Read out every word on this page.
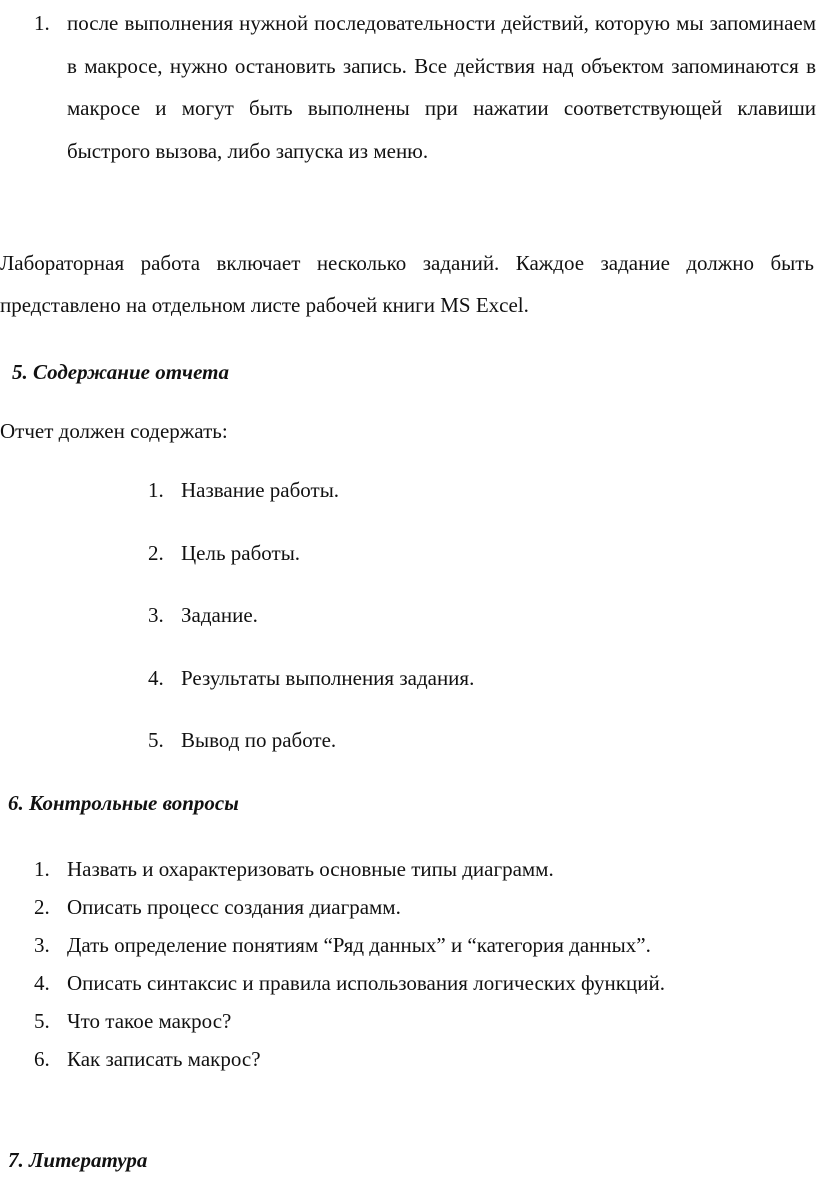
1. после выполнения нужной последовательности действий, которую мы запоминаем в макросе, нужно остановить запись. Все действия над объектом запоминаются в макросе и могут быть выполнены при нажатии соответствующей клавиши быстрого вызова, либо запуска из меню.
Лабораторная работа включает несколько заданий. Каждое задание должно быть представлено на отдельном листе рабочей книги MS Excel.
5. Содержание отчета
Отчет должен содержать:
1. Название работы.
2. Цель работы.
3. Задание.
4. Результаты выполнения задания.
5. Вывод по работе.
6. Контрольные вопросы
1. Назвать и охарактеризовать основные типы диаграмм.
2. Описать процесс создания диаграмм.
3. Дать определение понятиям “Ряд данных” и “категория данных”.
4. Описать синтаксис и правила использования логических функций.
5. Что такое макрос?
6. Как записать макрос?
7. Литература
